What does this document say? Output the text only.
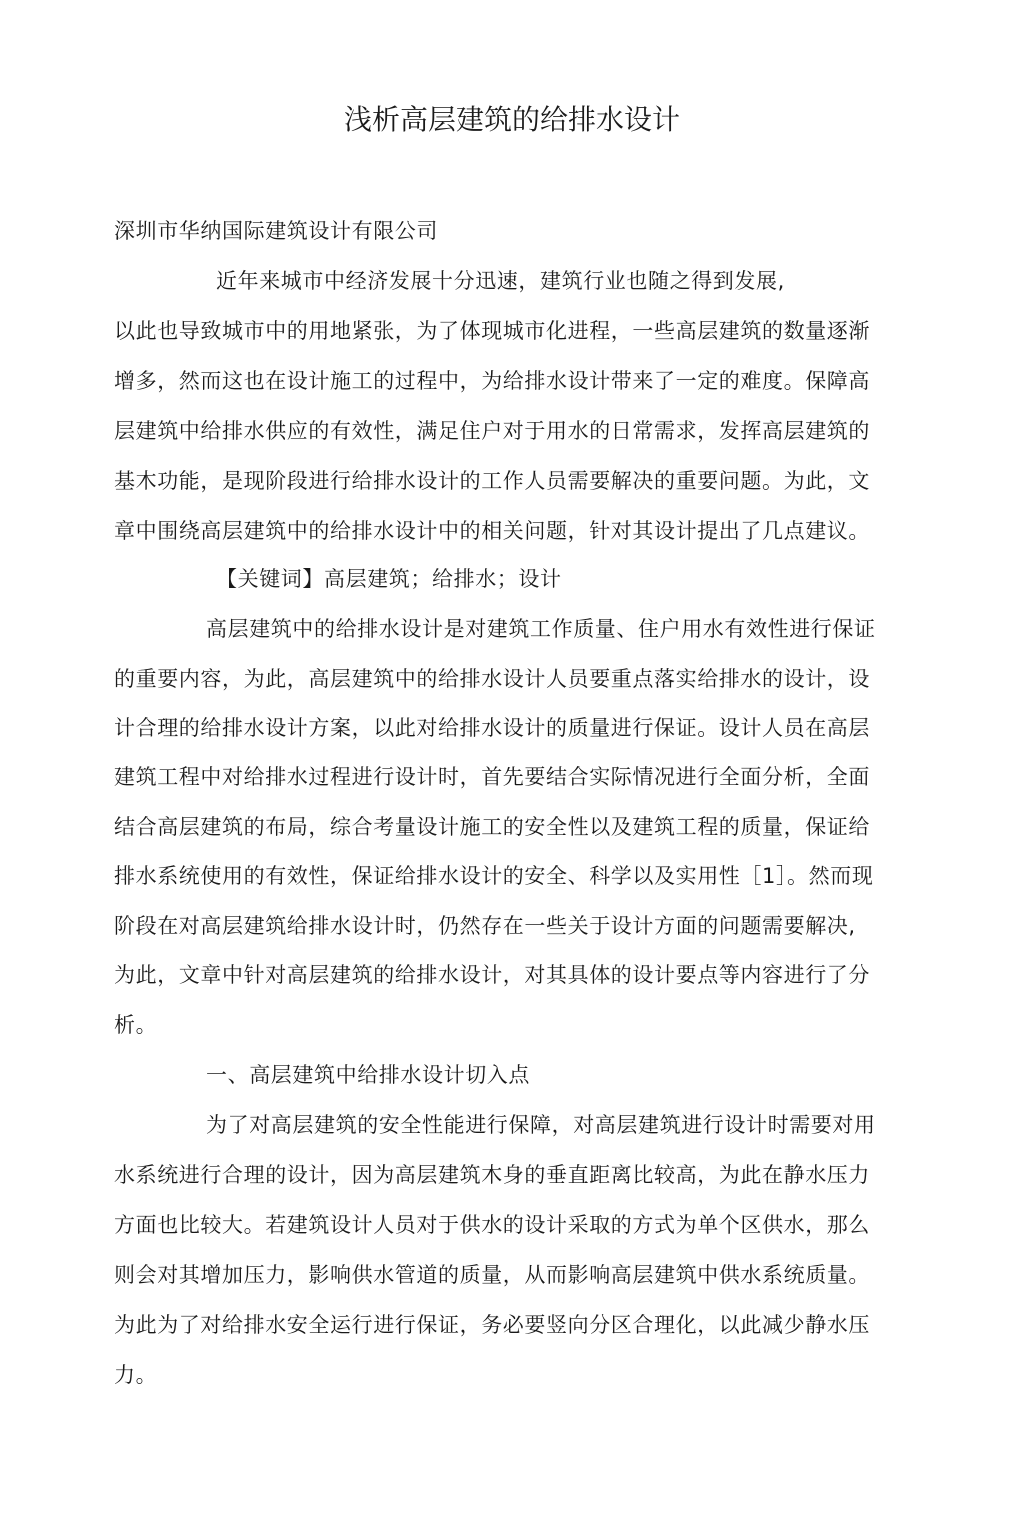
浅析高层建筑的给排水设计
深圳市华纳国际建筑设计有限公司
近年来城市中经济发展十分迅速，建筑行业也随之得到发展,
以此也导致城市中的用地紧张，为了体现城市化进程，一些高层建筑的数量逐渐
增多，然而这也在设计施工的过程中，为给排水设计带来了一定的难度。保障高
层建筑中给排水供应的有效性，满足住户对于用水的日常需求，发挥高层建筑的
基木功能，是现阶段进行给排水设计的工作人员需要解决的重要问题。为此，文
章中围绕高层建筑中的给排水设计中的相关问题，针对其设计提出了几点建议。
【关键词】高层建筑；给排水；设计
高层建筑中的给排水设计是对建筑工作质量、住户用水有效性进行保证
的重要内容，为此，高层建筑中的给排水设计人员要重点落实给排水的设计，设
计合理的给排水设计方案，以此对给排水设计的质量进行保证。设计人员在高层
建筑工程中对给排水过程进行设计时，首先要结合实际情况进行全面分析，全面
结合高层建筑的布局，综合考量设计施工的安全性以及建筑工程的质量，保证给
排水系统使用的有效性，保证给排水设计的安全、科学以及实用性［1］。然而现
阶段在对高层建筑给排水设计时，仍然存在一些关于设计方面的问题需要解决,
为此，文章中针对高层建筑的给排水设计，对其具体的设计要点等内容进行了分
析。
一、高层建筑中给排水设计切入点
为了对高层建筑的安全性能进行保障，对高层建筑进行设计时需要对用
水系统进行合理的设计，因为高层建筑木身的垂直距离比较高，为此在静水压力
方面也比较大。若建筑设计人员对于供水的设计采取的方式为单个区供水，那么
则会对其增加压力，影响供水管道的质量，从而影响高层建筑中供水系统质量。
为此为了对给排水安全运行进行保证，务必要竖向分区合理化，以此减少静水压
力。
